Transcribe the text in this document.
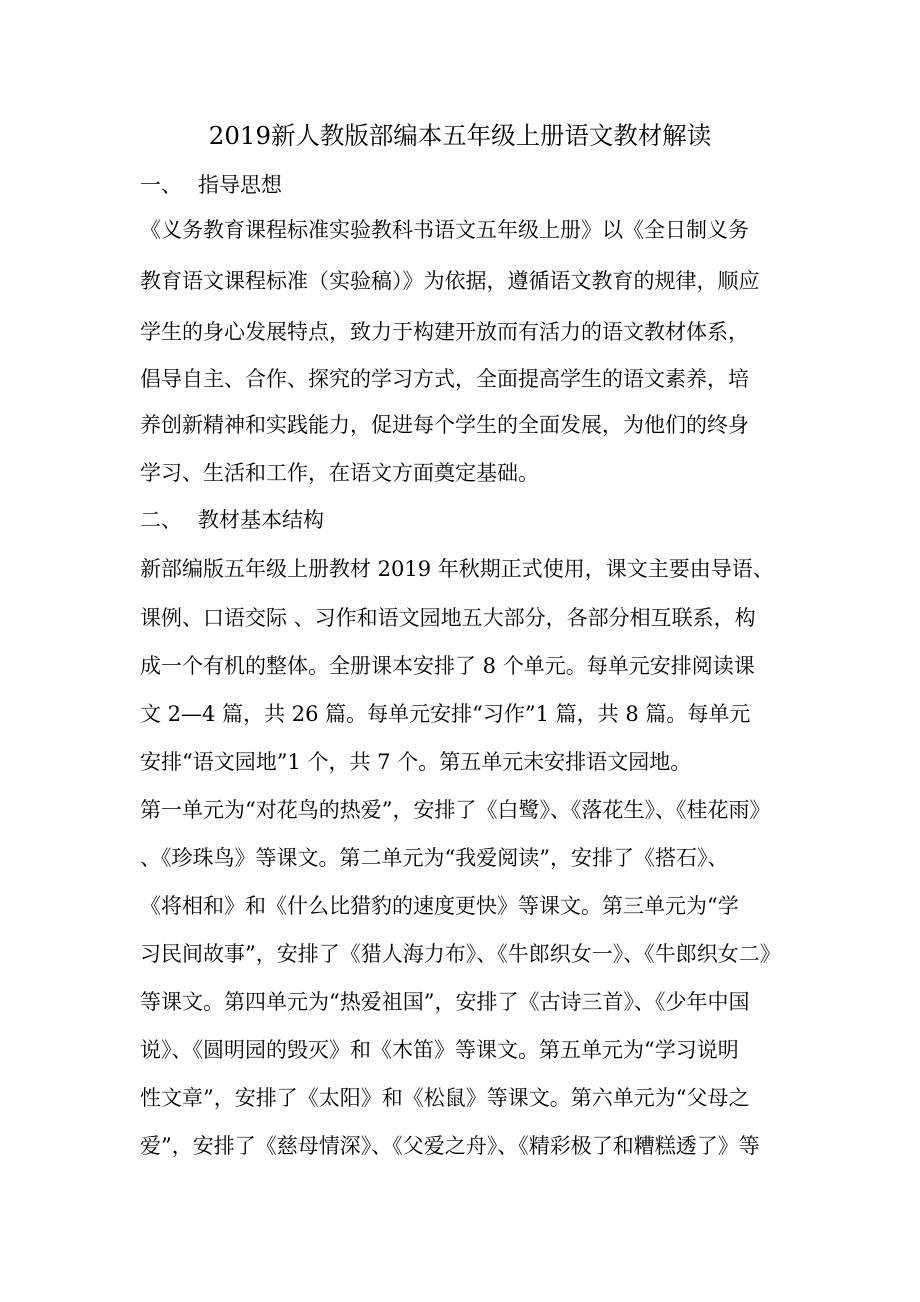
2019新人教版部编本五年级上册语文教材解读
一、 指导思想
《义务教育课程标准实验教科书语文五年级上册》以《全日制义务
教育语文课程标准（实验稿）》为依据，遵循语文教育的规律，顺应
学生的身心发展特点，致力于构建开放而有活力的语文教材体系，
倡导自主、合作、探究的学习方式，全面提高学生的语文素养，培
养创新精神和实践能力，促进每个学生的全面发展，为他们的终身
学习、生活和工作，在语文方面奠定基础。
二、 教材基本结构
新部编版五年级上册教材 2019 年秋期正式使用，课文主要由导语、
课例、口语交际 、习作和语文园地五大部分，各部分相互联系，构
成一个有机的整体。全册课本安排了 8 个单元。每单元安排阅读课
文 2—4 篇，共 26 篇。每单元安排“习作”1 篇，共 8 篇。每单元
安排“语文园地”1 个，共 7 个。第五单元未安排语文园地。
第一单元为“对花鸟的热爱”，安排了《白鹭》、《落花生》、《桂花雨》
、《珍珠鸟》等课文。第二单元为“我爱阅读”，安排了《搭石》、
《将相和》和《什么比猎豹的速度更快》等课文。第三单元为“学
习民间故事”，安排了《猎人海力布》、《牛郎织女一》、《牛郎织女二》
等课文。第四单元为“热爱祖国”，安排了《古诗三首》、《少年中国
说》、《圆明园的毁灭》和《木笛》等课文。第五单元为“学习说明
性文章”，安排了《太阳》和《松鼠》等课文。第六单元为“父母之
爱”，安排了《慈母情深》、《父爱之舟》、《精彩极了和糟糕透了》等
